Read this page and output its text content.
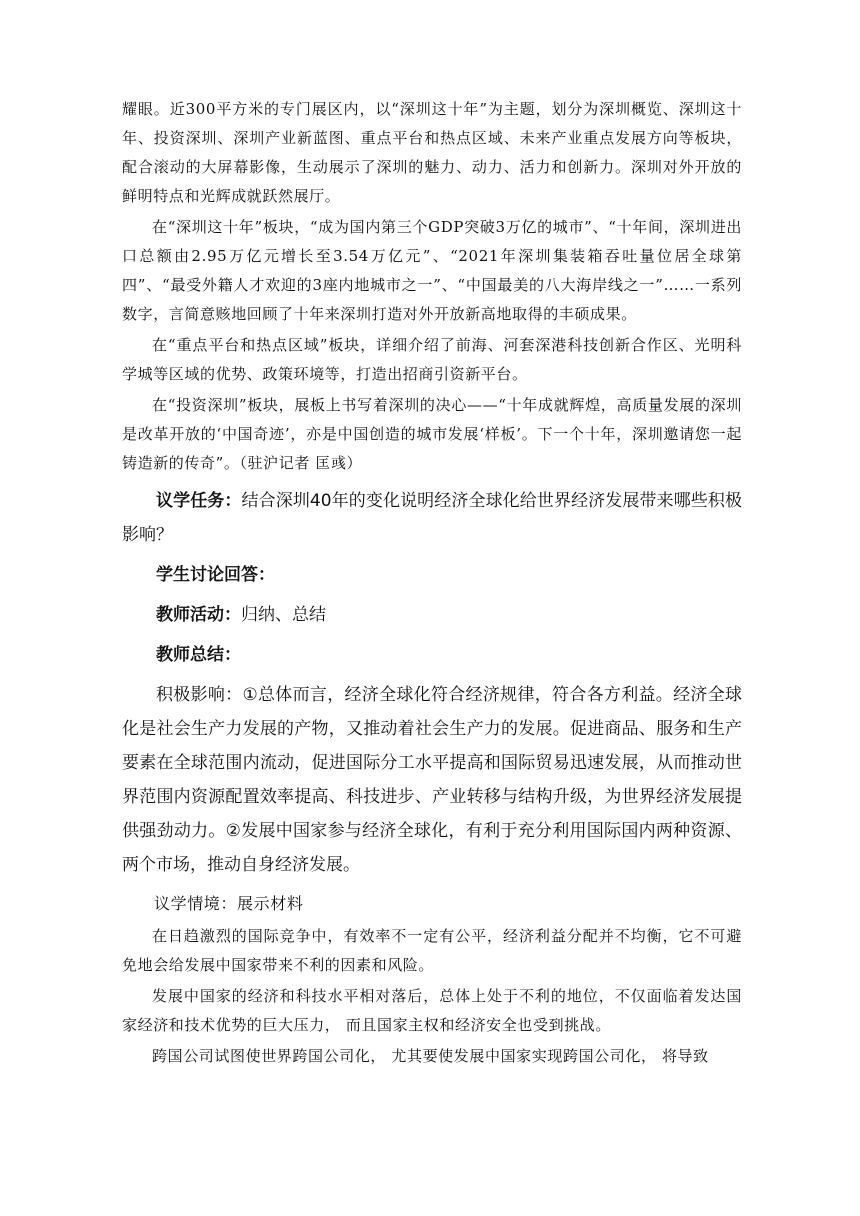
耀眼。近300平方米的专门展区内，以“深圳这十年”为主题，划分为深圳概览、深圳这十年、投资深圳、深圳产业新蓝图、重点平台和热点区域、未来产业重点发展方向等板块，配合滚动的大屏幕影像，生动展示了深圳的魅力、动力、活力和创新力。深圳对外开放的鲜明特点和光辉成就跃然展厅。

在“深圳这十年”板块，“成为国内第三个GDP突破3万亿的城市”、“十年间，深圳进出口总额由2.95万亿元增长至3.54万亿元”、“2021年深圳集装箱吞吐量位居全球第四”、“最受外籍人才欢迎的3座内地城市之一”、“中国最美的八大海岸线之一”……一系列数字，言简意赅地回顾了十年来深圳打造对外开放新高地取得的丰硕成果。

在“重点平台和热点区域”板块，详细介绍了前海、河套深港科技创新合作区、光明科学城等区域的优势、政策环境等，打造出招商引资新平台。

在“投资深圳”板块，展板上书写着深圳的决心——“十年成就辉煌，高质量发展的深圳是改革开放的‘中国奇迹’，亦是中国创造的城市发展‘样板’。下一个十年，深圳邀请您一起铸造新的传奇”。（驻沪记者 匡彧）

议学任务：结合深圳40年的变化说明经济全球化给世界经济发展带来哪些积极影响？

学生讨论回答：

教师活动：归纳、总结

教师总结：

积极影响：①总体而言，经济全球化符合经济规律，符合各方利益。经济全球化是社会生产力发展的产物，又推动着社会生产力的发展。促进商品、服务和生产要素在全球范围内流动，促进国际分工水平提高和国际贸易迅速发展，从而推动世界范围内资源配置效率提高、科技进步、产业转移与结构升级，为世界经济发展提供强劲动力。②发展中国家参与经济全球化，有利于充分利用国际国内两种资源、两个市场，推动自身经济发展。

议学情境：展示材料

在日趋激烈的国际竞争中，有效率不一定有公平，经济利益分配并不均衡，它不可避免地会给发展中国家带来不利的因素和风险。

发展中国家的经济和科技水平相对落后，总体上处于不利的地位，不仅面临着发达国家经济和技术优势的巨大压力， 而且国家主权和经济安全也受到挑战。

跨国公司试图使世界跨国公司化， 尤其要使发展中国家实现跨国公司化， 将导致
